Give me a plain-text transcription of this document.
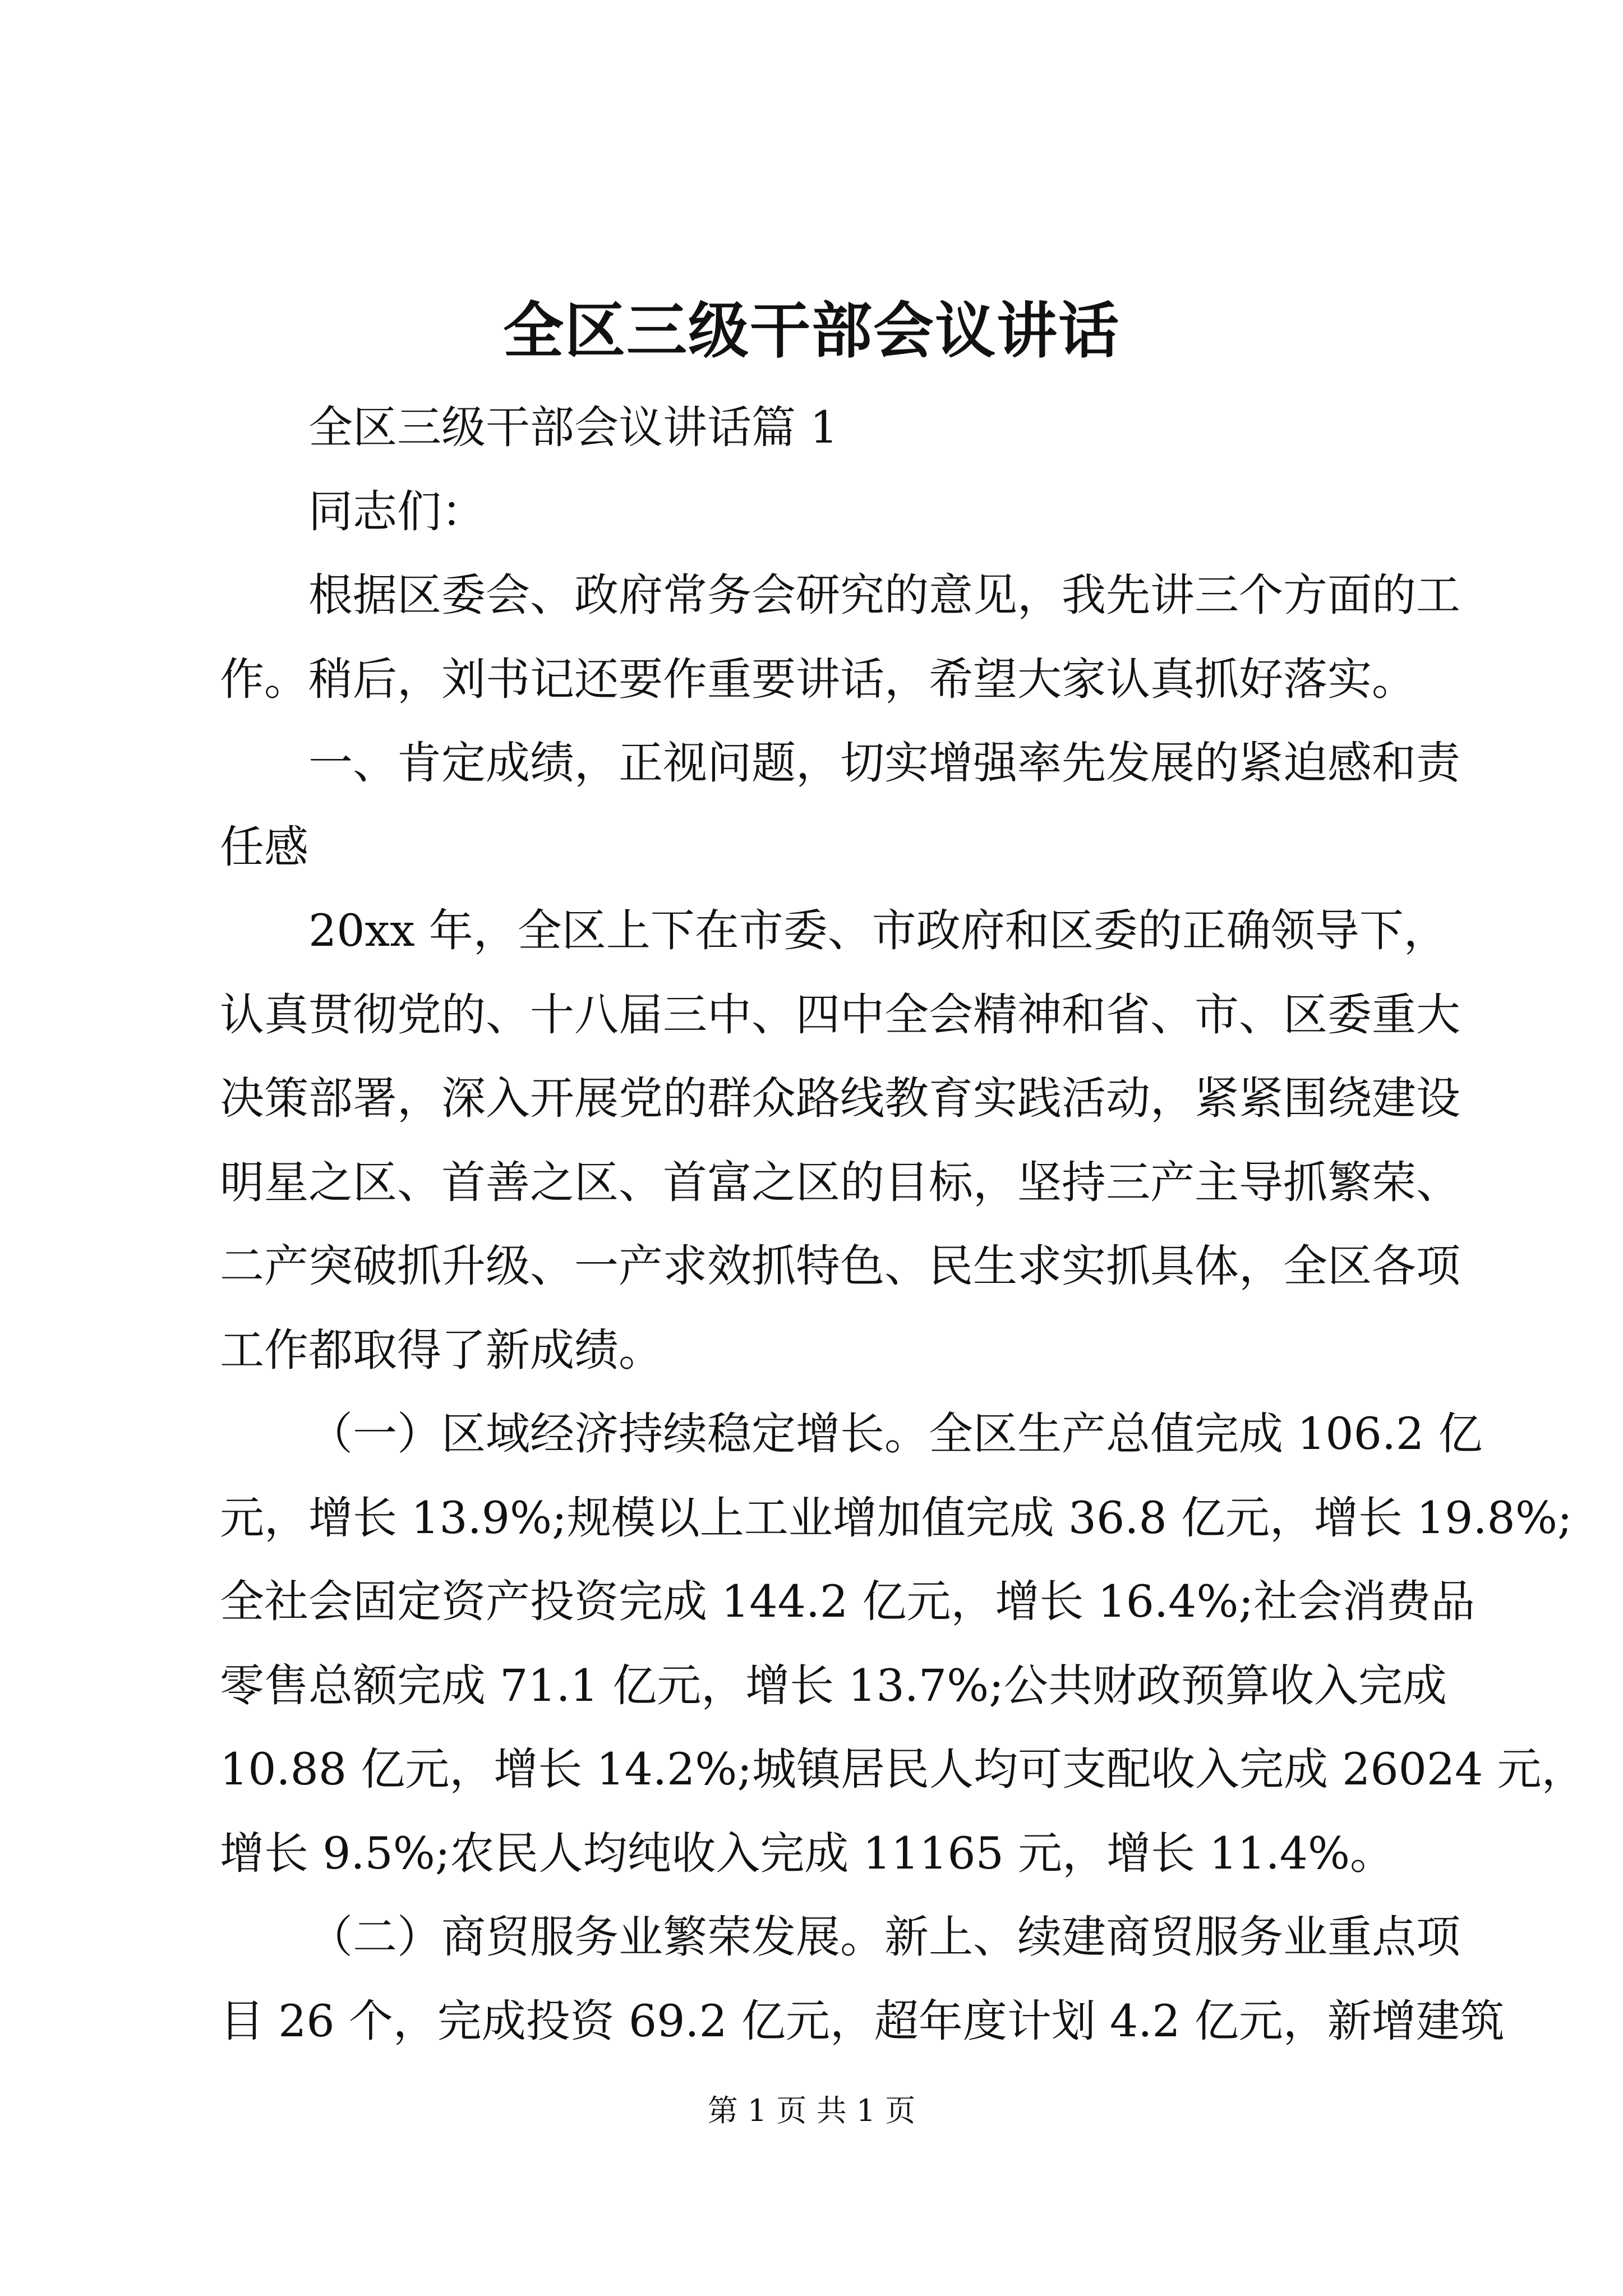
全区三级干部会议讲话

全区三级干部会议讲话篇 1

同志们：

根据区委会、政府常务会研究的意见，我先讲三个方面的工
作。稍后，刘书记还要作重要讲话，希望大家认真抓好落实。

一、肯定成绩，正视问题，切实增强率先发展的紧迫感和责
任感

20xx 年，全区上下在市委、市政府和区委的正确领导下，
认真贯彻党的、十八届三中、四中全会精神和省、市、区委重大
决策部署，深入开展党的群众路线教育实践活动，紧紧围绕建设
明星之区、首善之区、首富之区的目标，坚持三产主导抓繁荣、
二产突破抓升级、一产求效抓特色、民生求实抓具体，全区各项
工作都取得了新成绩。

（一）区域经济持续稳定增长。全区生产总值完成 106.2 亿
元，增长 13.9%;规模以上工业增加值完成 36.8 亿元，增长 19.8%;
全社会固定资产投资完成 144.2 亿元，增长 16.4%;社会消费品
零售总额完成 71.1 亿元，增长 13.7%;公共财政预算收入完成
10.88 亿元，增长 14.2%;城镇居民人均可支配收入完成 26024 元，
增长 9.5%;农民人均纯收入完成 11165 元，增长 11.4%。

（二）商贸服务业繁荣发展。新上、续建商贸服务业重点项
目 26 个，完成投资 69.2 亿元，超年度计划 4.2 亿元，新增建筑

第 1 页 共 1 页
